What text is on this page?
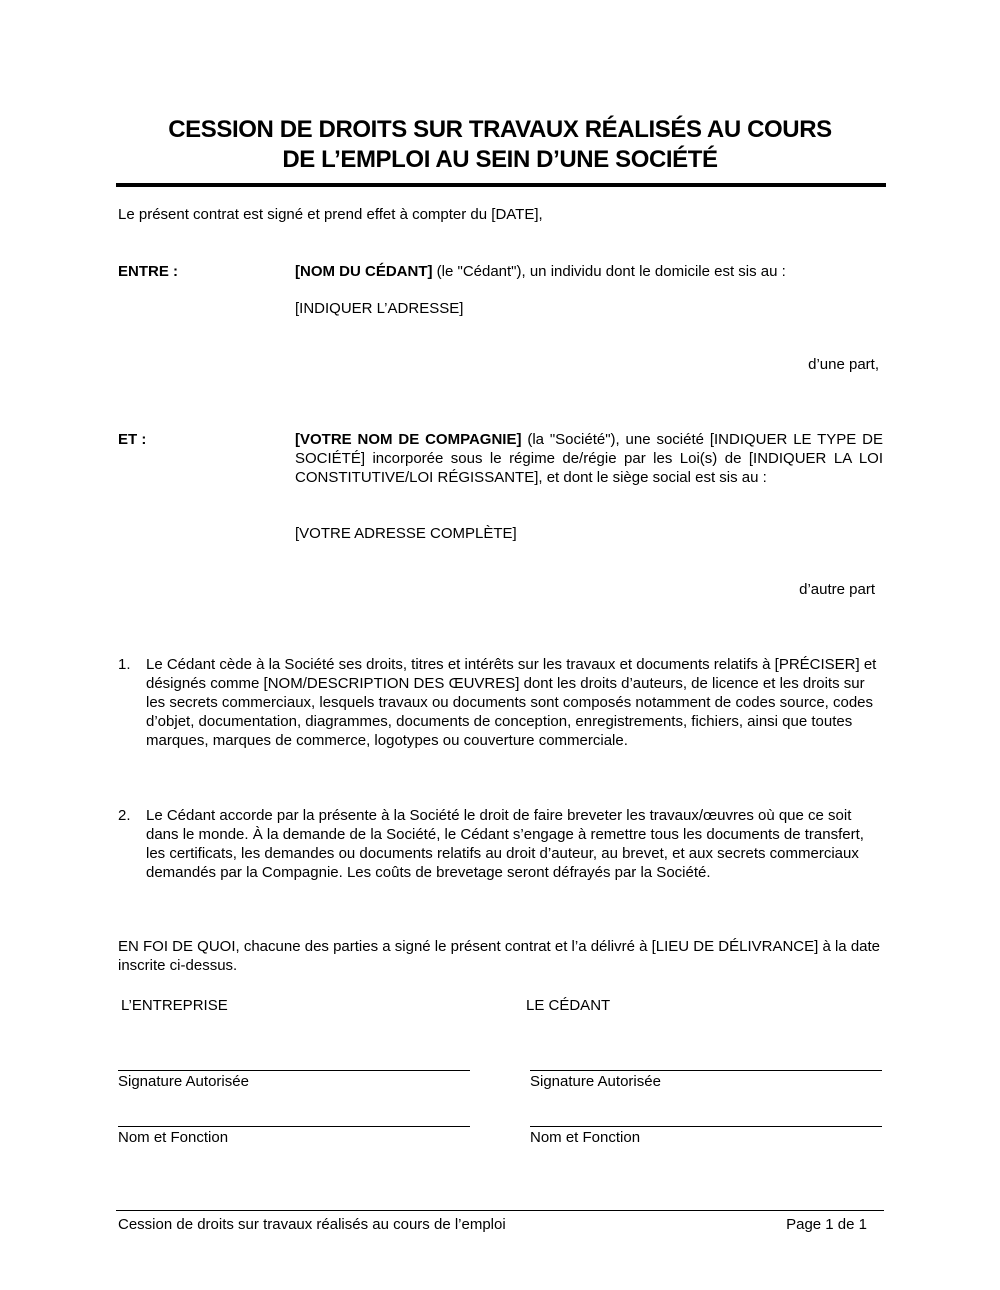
CESSION DE DROITS SUR TRAVAUX RÉALISÉS AU COURS
DE L’EMPLOI AU SEIN D’UNE SOCIÉTÉ
Le présent contrat est signé et prend effet à compter du [DATE],
ENTRE :	[NOM DU CÉDANT] (le "Cédant"), un individu dont le domicile est sis au :
[INDIQUER L’ADRESSE]
d’une part,
ET :	[VOTRE NOM DE COMPAGNIE] (la "Société"), une société [INDIQUER LE TYPE DE SOCIÉTÉ] incorporée sous le régime de/régie par les Loi(s) de [INDIQUER LA LOI CONSTITUTIVE/LOI RÉGISSANTE], et dont le siège social est sis au :
[VOTRE ADRESSE COMPLÈTE]
d’autre part
1.	Le Cédant cède à la Société ses droits, titres et intérêts sur les travaux et documents relatifs à [PRÉCISER] et désignés comme [NOM/DESCRIPTION DES ŒUVRES] dont les droits d’auteurs, de licence et les droits sur les secrets commerciaux, lesquels travaux ou documents sont composés notamment de codes source, codes d’objet, documentation, diagrammes, documents de conception, enregistrements, fichiers, ainsi que toutes marques, marques de commerce, logotypes ou couverture commerciale.
2.	Le Cédant accorde par la présente à la Société le droit de faire breveter les travaux/œuvres où que ce soit dans le monde. À la demande de la Société, le Cédant s’engage à remettre tous les documents de transfert, les certificats, les demandes ou documents relatifs au droit d’auteur, au brevet, et aux secrets commerciaux demandés par la Compagnie. Les coûts de brevetage seront défrayés par la Société.
EN FOI DE QUOI, chacune des parties a signé le présent contrat et l’a délivré à [LIEU DE DÉLIVRANCE] à la date inscrite ci-dessus.
L’ENTREPRISE	LE CÉDANT
Signature Autorisée	Signature Autorisée
Nom et Fonction	Nom et Fonction
Cession de droits sur travaux réalisés au cours de l’emploi	Page 1 de 1
